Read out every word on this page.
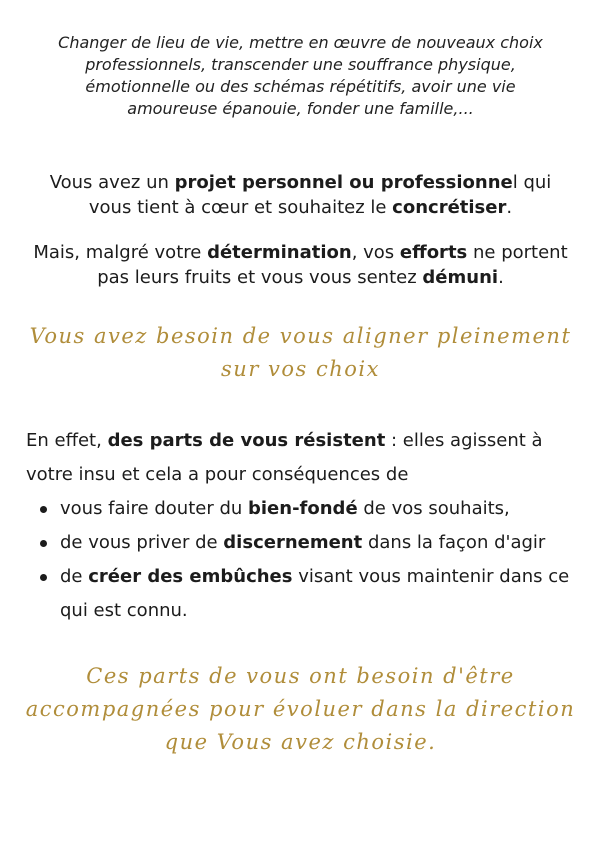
Changer de lieu de vie, mettre en œuvre de nouveaux choix professionnels, transcender une souffrance physique, émotionnelle ou des schémas répétitifs, avoir une vie amoureuse épanouie, fonder une famille,...

Vous avez un projet personnel ou professionnel qui vous tient à cœur et souhaitez le concrétiser.

Mais, malgré votre détermination, vos efforts ne portent pas leurs fruits et vous vous sentez démuni.

Vous avez besoin de vous aligner pleinement sur vos choix

En effet, des parts de vous résistent : elles agissent à votre insu et cela a pour conséquences de

vous faire douter du bien-fondé de vos souhaits,
de vous priver de discernement dans la façon d'agir
de créer des embûches visant vous maintenir dans ce qui est connu.

Ces parts de vous ont besoin d'être accompagnées pour évoluer dans la direction que Vous avez choisie.
